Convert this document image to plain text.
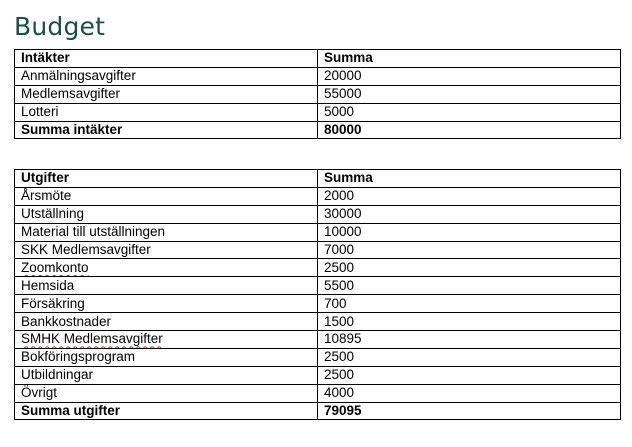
Budget
Intäkter	Summa
Anmälningsavgifter	20000
Medlemsavgifter	55000
Lotteri	5000
Summa intäkter	80000
Utgifter	Summa
Årsmöte	2000
Utställning	30000
Material till utställningen	10000
SKK Medlemsavgifter	7000
Zoomkonto	2500
Hemsida	5500
Försäkring	700
Bankkostnader	1500
SMHK Medlemsavgifter	10895
Bokföringsprogram	2500
Utbildningar	2500
Övrigt	4000
Summa utgifter	79095
